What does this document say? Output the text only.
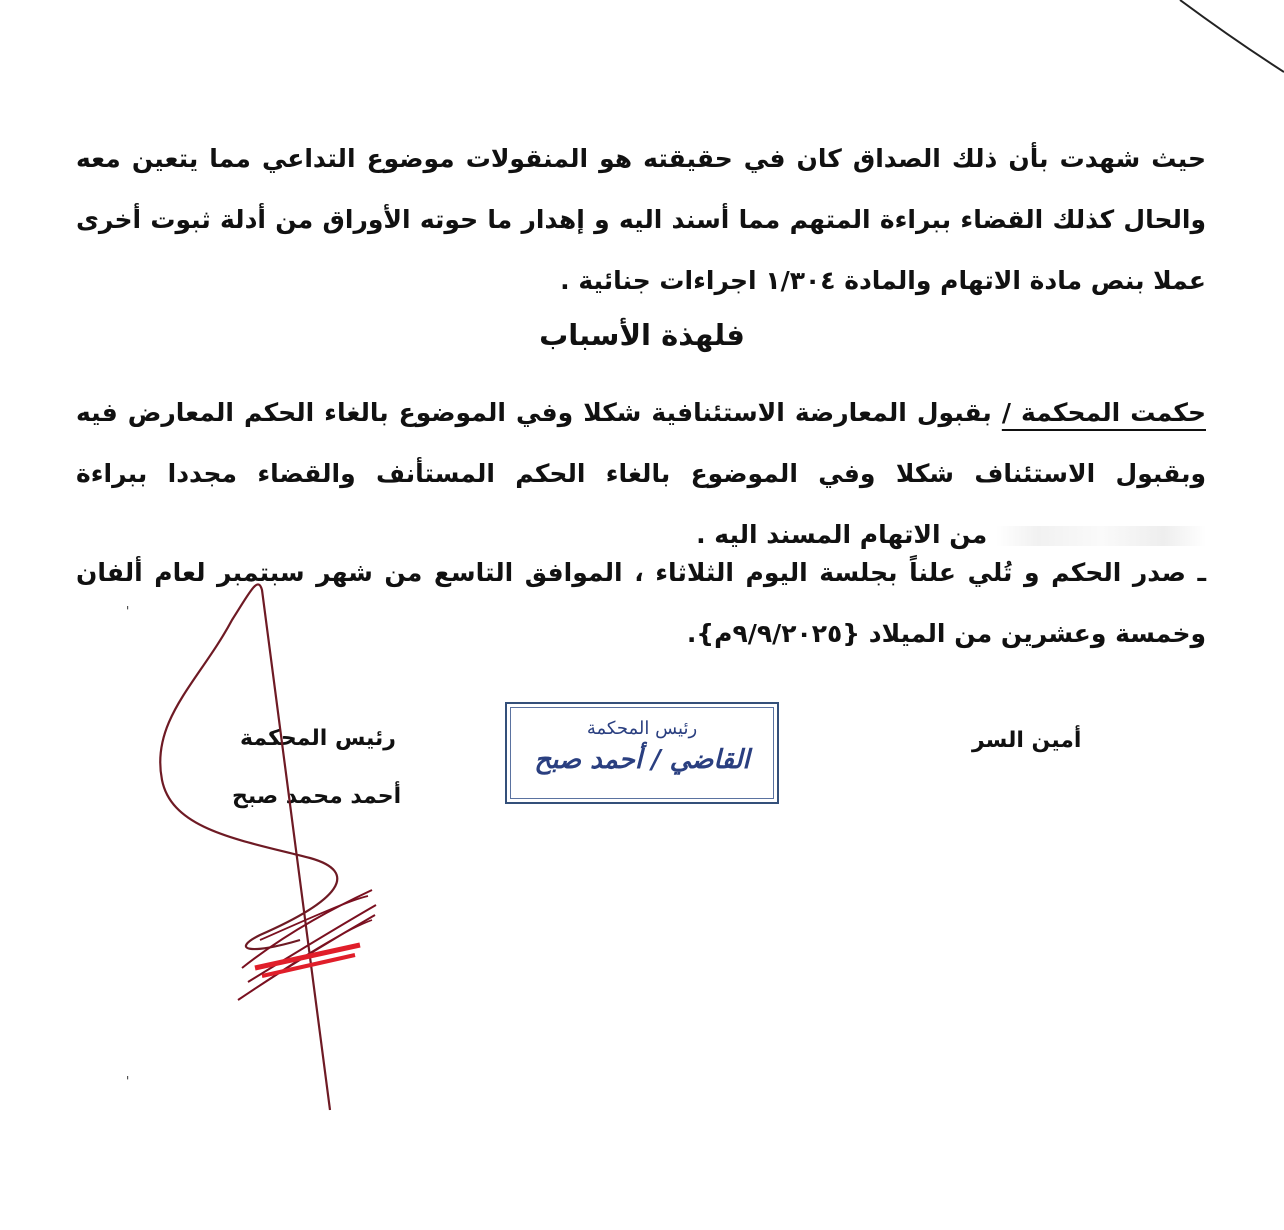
حيث شهدت بأن ذلك الصداق كان في حقيقته هو المنقولات موضوع التداعي مما يتعين معه والحال كذلك القضاء ببراءة المتهم مما أسند اليه و إهدار ما حوته الأوراق من أدلة ثبوت أخرى عملا بنص مادة الاتهام والمادة ١/٣٠٤ اجراءات جنائية .

فلهذة الأسباب

حكمت المحكمة / بقبول المعارضة الاستئنافية شكلا وفي الموضوع بالغاء الحكم المعارض فيه وبقبول الاستئناف شكلا وفي الموضوع بالغاء الحكم المستأنف والقضاء مجددا ببراءة  من الاتهام المسند اليه .

ـ صدر الحكم و تُلي علناً بجلسة اليوم الثلاثاء ، الموافق التاسع من شهر سبتمبر لعام ألفان وخمسة وعشرين من الميلاد {٩/٩/٢٠٢٥م}.

'
'
أمين السر
رئيس المحكمة
أحمد محمد صبح
رئيس المحكمة
القاضي / أحمد صبح
